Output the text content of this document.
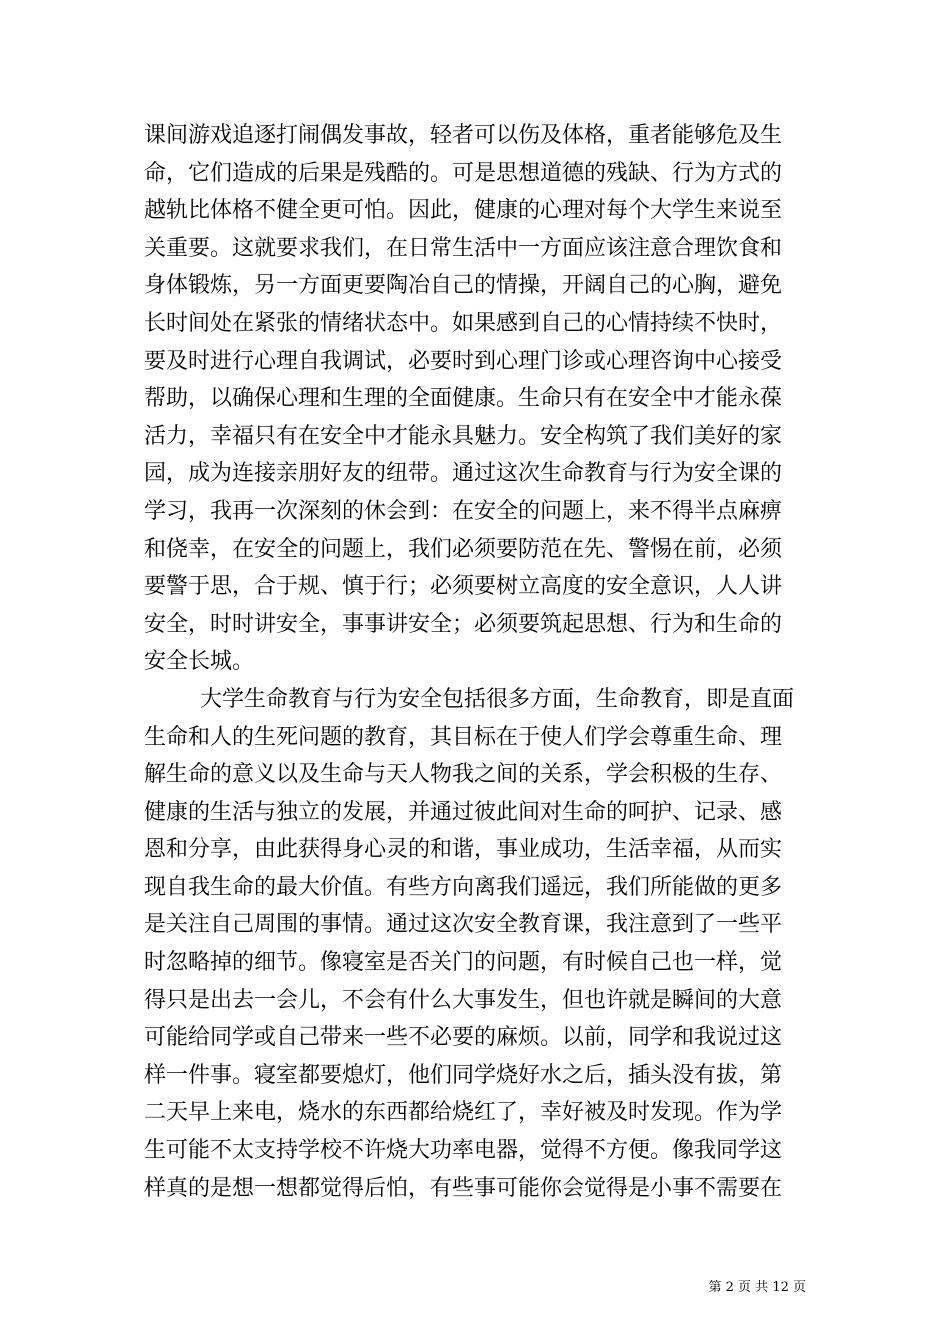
课间游戏追逐打闹偶发事故，轻者可以伤及体格，重者能够危及生
命，它们造成的后果是残酷的。可是思想道德的残缺、行为方式的
越轨比体格不健全更可怕。因此，健康的心理对每个大学生来说至
关重要。这就要求我们，在日常生活中一方面应该注意合理饮食和
身体锻炼，另一方面更要陶冶自己的情操，开阔自己的心胸，避免
长时间处在紧张的情绪状态中。如果感到自己的心情持续不快时，
要及时进行心理自我调试，必要时到心理门诊或心理咨询中心接受
帮助，以确保心理和生理的全面健康。生命只有在安全中才能永葆
活力，幸福只有在安全中才能永具魅力。安全构筑了我们美好的家
园，成为连接亲朋好友的纽带。通过这次生命教育与行为安全课的
学习，我再一次深刻的休会到：在安全的问题上，来不得半点麻痹
和侥幸，在安全的问题上，我们必须要防范在先、警惕在前，必须
要警于思，合于规、慎于行；必须要树立高度的安全意识，人人讲
安全，时时讲安全，事事讲安全；必须要筑起思想、行为和生命的
安全长城。
大学生命教育与行为安全包括很多方面，生命教育，即是直面
生命和人的生死问题的教育，其目标在于使人们学会尊重生命、理
解生命的意义以及生命与天人物我之间的关系，学会积极的生存、
健康的生活与独立的发展，并通过彼此间对生命的呵护、记录、感
恩和分享，由此获得身心灵的和谐，事业成功，生活幸福，从而实
现自我生命的最大价值。有些方向离我们遥远，我们所能做的更多
是关注自己周围的事情。通过这次安全教育课，我注意到了一些平
时忽略掉的细节。像寝室是否关门的问题，有时候自己也一样，觉
得只是出去一会儿，不会有什么大事发生，但也许就是瞬间的大意
可能给同学或自己带来一些不必要的麻烦。以前，同学和我说过这
样一件事。寝室都要熄灯，他们同学烧好水之后，插头没有拔，第
二天早上来电，烧水的东西都给烧红了，幸好被及时发现。作为学
生可能不太支持学校不许烧大功率电器，觉得不方便。像我同学这
样真的是想一想都觉得后怕，有些事可能你会觉得是小事不需要在
第 2 页 共 12 页
